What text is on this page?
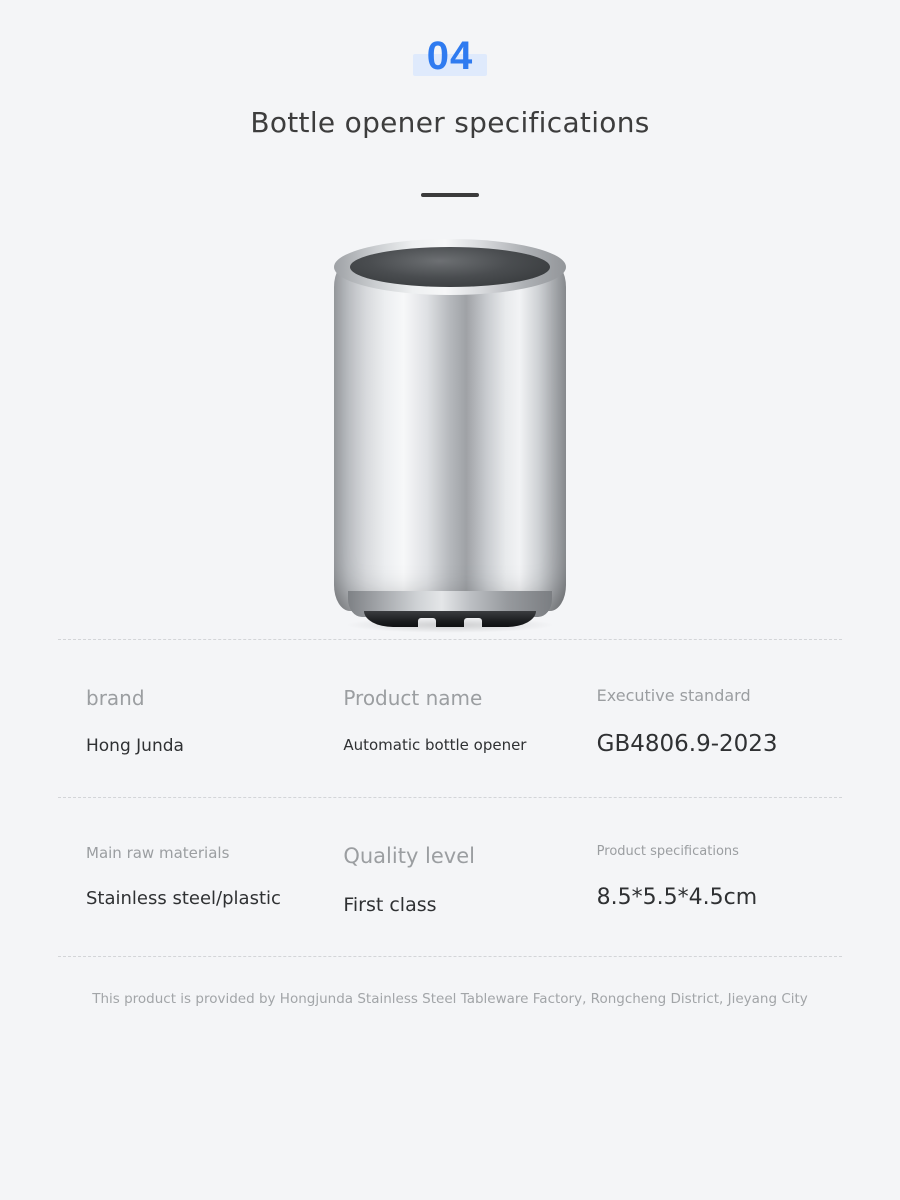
04
Bottle opener specifications
brand
Hong Junda
Product name
Automatic bottle opener
Executive standard
GB4806.9-2023
Main raw materials
Stainless steel/plastic
Quality level
First class
Product specifications
8.5*5.5*4.5cm
This product is provided by Hongjunda Stainless Steel Tableware Factory, Rongcheng District, Jieyang City
